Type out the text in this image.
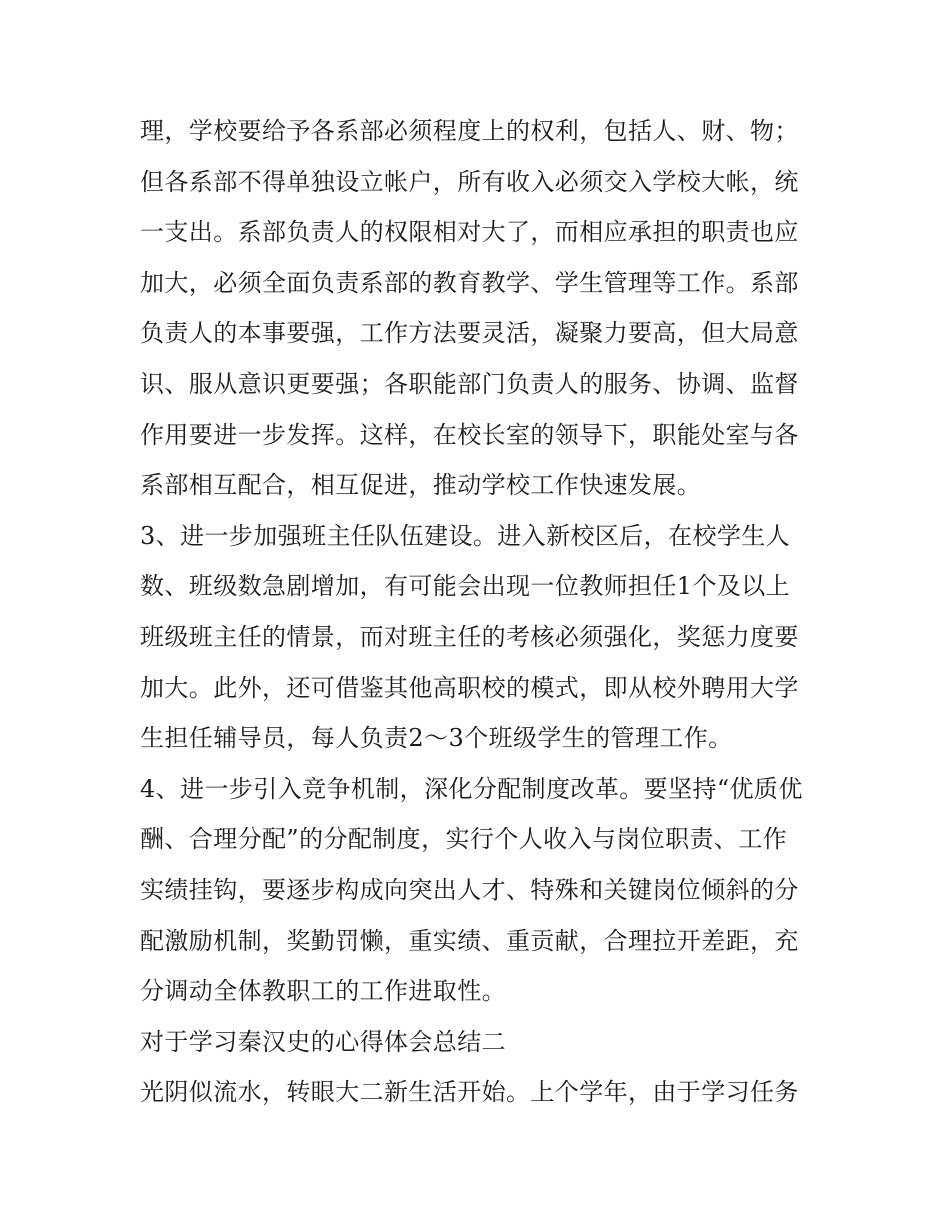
理，学校要给予各系部必须程度上的权利，包括人、财、物；
但各系部不得单独设立帐户，所有收入必须交入学校大帐，统
一支出。系部负责人的权限相对大了，而相应承担的职责也应
加大，必须全面负责系部的教育教学、学生管理等工作。系部
负责人的本事要强，工作方法要灵活，凝聚力要高，但大局意
识、服从意识更要强；各职能部门负责人的服务、协调、监督
作用要进一步发挥。这样，在校长室的领导下，职能处室与各
系部相互配合，相互促进，推动学校工作快速发展。
3、进一步加强班主任队伍建设。进入新校区后，在校学生人
数、班级数急剧增加，有可能会出现一位教师担任1个及以上
班级班主任的情景，而对班主任的考核必须强化，奖惩力度要
加大。此外，还可借鉴其他高职校的模式，即从校外聘用大学
生担任辅导员，每人负责2～3个班级学生的管理工作。
4、进一步引入竞争机制，深化分配制度改革。要坚持“优质优
酬、合理分配”的分配制度，实行个人收入与岗位职责、工作
实绩挂钩，要逐步构成向突出人才、特殊和关键岗位倾斜的分
配激励机制，奖勤罚懒，重实绩、重贡献，合理拉开差距，充
分调动全体教职工的工作进取性。
对于学习秦汉史的心得体会总结二
光阴似流水，转眼大二新生活开始。上个学年，由于学习任务
